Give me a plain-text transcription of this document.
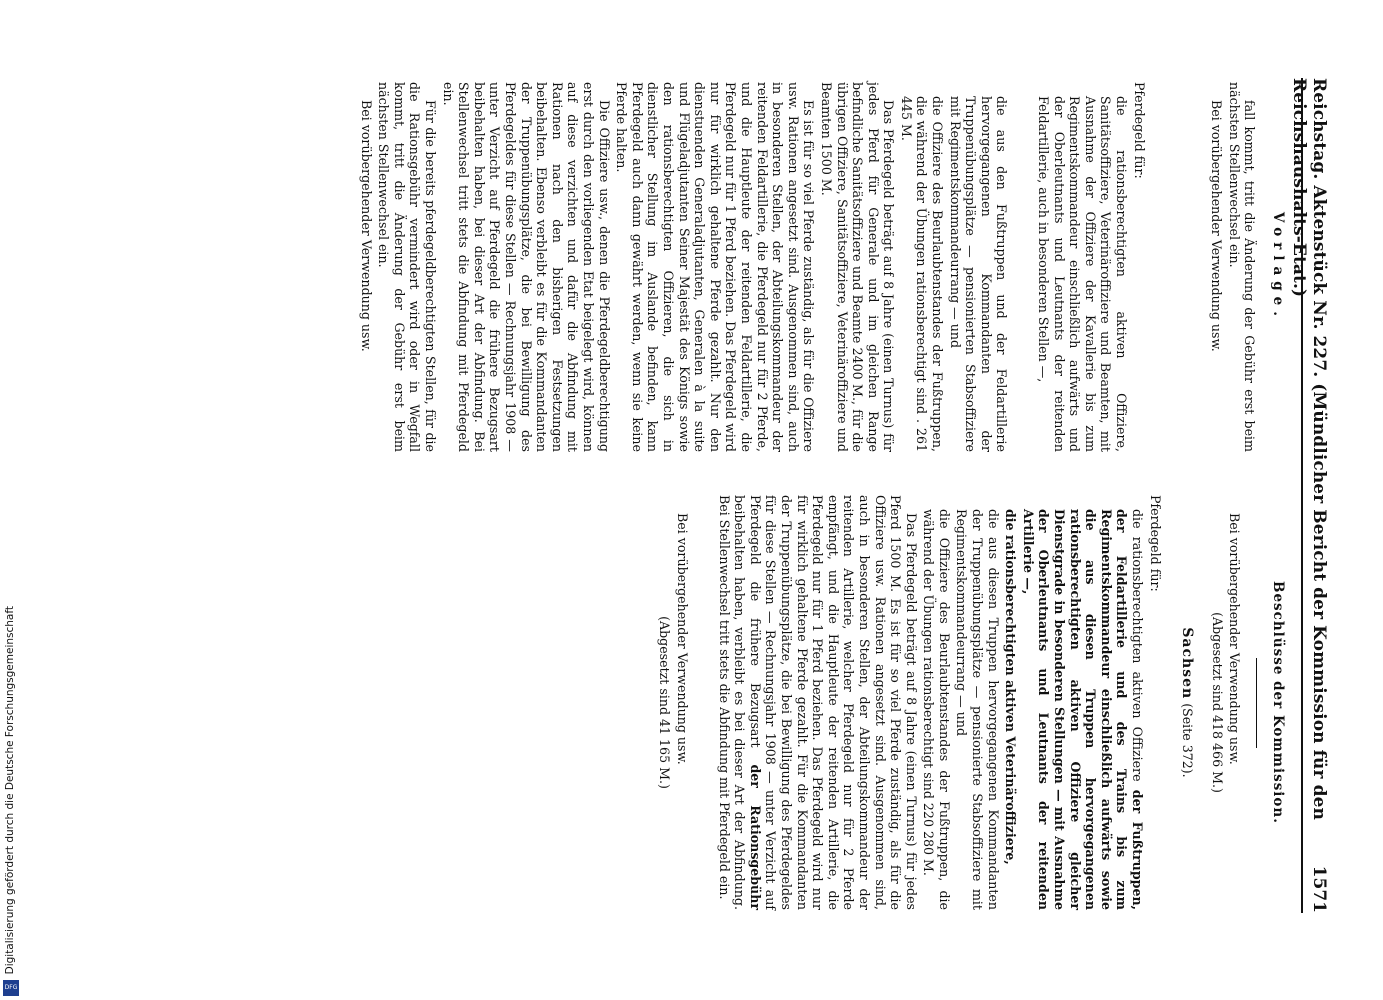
Reichstag. Aktenstück Nr. 227. (Mündlicher Bericht der Kommission für den Reichshaushalts-Etat.)
1571
Vorlage.
fall kommt, tritt die Änderung der Gebühr erst beim nächsten Stellenwechsel ein.
Bei vorübergehender Verwendung usw.
Pferdegeld für:
die rationsberechtigten aktiven Offiziere, Sanitätsoffiziere, Veterinäroffiziere und Beamten, mit Ausnahme der Offiziere der Kavallerie bis zum Regimentskommandeur einschließlich aufwärts und der Oberleutnants und Leutnants der reitenden Feldartillerie, auch in besonderen Stellen —,
die aus den Fußtruppen und der Feldartillerie hervorgegangenen Kommandanten der Truppenübungsplätze — pensionierten Stabsoffiziere mit Regimentskommandeurrang — und
die Offiziere des Beurlaubtenstandes der Fußtruppen, die während der Übungen rationsberechtigt sind . 261 445 M.
Das Pferdegeld beträgt auf 8 Jahre (einen Turnus) für jedes Pferd für Generale und im gleichen Range befindliche Sanitätsoffiziere und Beamte 2400 M., für die übrigen Offiziere, Sanitätsoffiziere, Veterinäroffiziere und Beamten 1500 M.
Es ist für so viel Pferde zuständig, als für die Offiziere usw. Rationen angesetzt sind. Ausgenommen sind, auch in besonderen Stellen, der Abteilungskommandeur der reitenden Feldartillerie, die Pferdegeld nur für 2 Pferde, und die Hauptleute der reitenden Feldartillerie, die Pferdegeld nur für 1 Pferd beziehen. Das Pferdegeld wird nur für wirklich gehaltene Pferde gezahlt. Nur den dienstuenden Generaladjutanten, Generalen à la suite und Flügeladjutanten Seiner Majestät des Königs sowie den rationsberechtigten Offizieren, die sich in dienstlicher Stellung im Auslande befinden, kann Pferdegeld auch dann gewährt werden, wenn sie keine Pferde halten.
Die Offiziere usw., denen die Pferdegeldberechtigung erst durch den vorliegenden Etat beigelegt wird, können auf diese verzichten und dafür die Abfindung mit Rationen nach den bisherigen Festsetzungen beibehalten. Ebenso verbleibt es für die Kommandanten der Truppenübungsplätze, die bei Bewilligung des Pferdegeldes für diese Stellen — Rechnungsjahr 1908 — unter Verzicht auf Pferdegeld die frühere Bezugsart beibehalten haben, bei dieser Art der Abfindung. Bei Stellenwechsel tritt stets die Abfindung mit Pferdegeld ein.
Für die bereits pferdegeldberechtigten Stellen, für die die Rationsgebühr vermindert wird oder in Wegfall kommt, tritt die Änderung der Gebühr erst beim nächsten Stellenwechsel ein.
Bei vorübergehender Verwendung usw.
Beschlüsse der Kommission.
Bei vorübergehender Verwendung usw.
(Abgesetzt sind 418 466 M.)
Sachsen (Seite 372).
Pferdegeld für:
die rationsberechtigten aktiven Offiziere der Fußtruppen, der Feldartillerie und des Trains bis zum Regimentskommandeur einschließlich aufwärts sowie die aus diesen Truppen hervorgegangenen rationsberechtigten aktiven Offiziere gleicher Dienstgrade in besonderen Stellungen — mit Ausnahme der Oberleutnants und Leutnants der reitenden Artillerie —,
die rationsberechtigten aktiven Veterinäroffiziere,
die aus diesen Truppen hervorgegangenen Kommandanten der Truppenübungsplätze — pensionierte Stabsoffiziere mit Regimentskommandeurrang — und
die Offiziere des Beurlaubtenstandes der Fußtruppen, die während der Übungen rationsberechtigt sind 220 280 M.
Das Pferdegeld beträgt auf 8 Jahre (einen Turnus) für jedes Pferd 1500 M. Es ist für so viel Pferde zuständig, als für die Offiziere usw. Rationen angesetzt sind. Ausgenommen sind, auch in besonderen Stellen, der Abteilungskommandeur der reitenden Artillerie, welcher Pferdegeld nur für 2 Pferde empfängt, und die Hauptleute der reitenden Artillerie, die Pferdegeld nur für 1 Pferd beziehen. Das Pferdegeld wird nur für wirklich gehaltene Pferde gezahlt. Für die Kommandanten der Truppenübungsplätze, die bei Bewilligung des Pferdegeldes für diese Stellen — Rechnungsjahr 1908 — unter Verzicht auf Pferdegeld die frühere Bezugsart der Rationsgebühr beibehalten haben, verbleibt es bei dieser Art der Abfindung. Bei Stellenwechsel tritt stets die Abfindung mit Pferdegeld ein.
Bei vorübergehender Verwendung usw.
(Abgesetzt sind 41 165 M.)
Digitalisierung gefördert durch die Deutsche Forschungsgemeinschaft
DFG
